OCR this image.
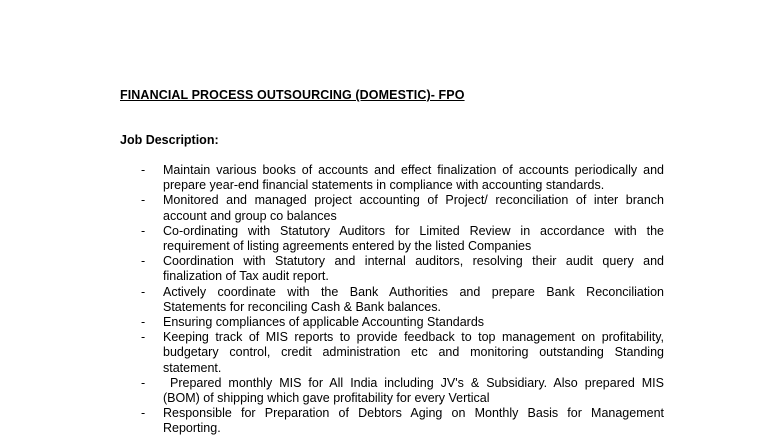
FINANCIAL PROCESS OUTSOURCING (DOMESTIC)- FPO
Job Description:
- Maintain various books of accounts and effect finalization of accounts periodically and
prepare year-end financial statements in compliance with accounting standards.
- Monitored and managed project accounting of Project/ reconciliation of inter branch
account and group co balances
- Co-ordinating with Statutory Auditors for Limited Review in accordance with the
requirement of listing agreements entered by the listed Companies
- Coordination with Statutory and internal auditors, resolving their audit query and
finalization of Tax audit report.
- Actively coordinate with the Bank Authorities and prepare Bank Reconciliation
Statements for reconciling Cash & Bank balances.
- Ensuring compliances of applicable Accounting Standards
- Keeping track of MIS reports to provide feedback to top management on profitability,
budgetary control, credit administration etc and monitoring outstanding Standing
statement.
- Prepared monthly MIS for All India including JV's & Subsidiary. Also prepared MIS
(BOM) of shipping which gave profitability for every Vertical
- Responsible for Preparation of Debtors Aging on Monthly Basis for Management
Reporting.
